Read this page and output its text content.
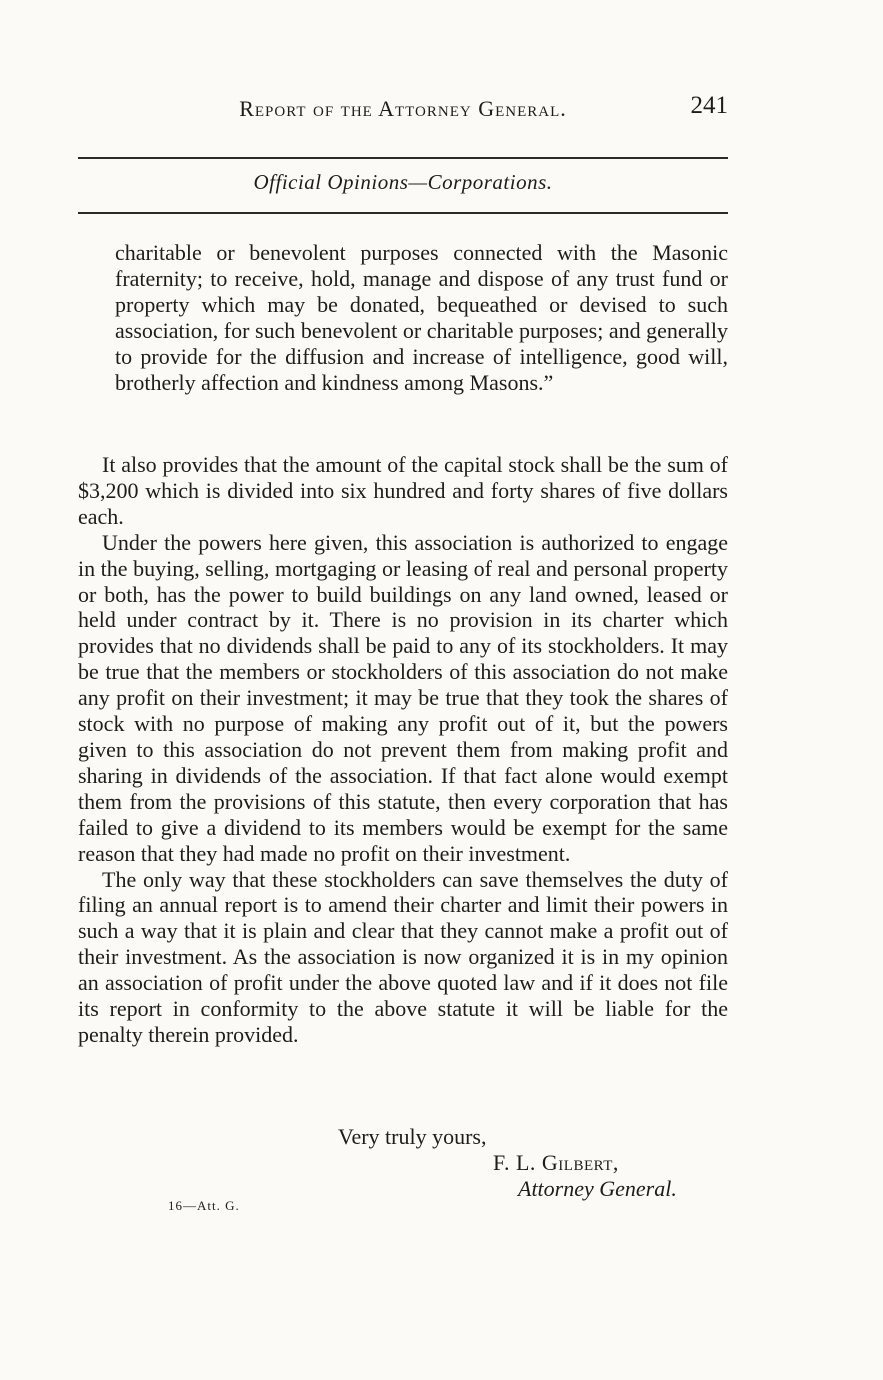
Report of the Attorney General.	241
Official Opinions—Corporations.
charitable or benevolent purposes connected with the Masonic fraternity; to receive, hold, manage and dispose of any trust fund or property which may be donated, bequeathed or devised to such association, for such benevolent or charitable purposes; and generally to provide for the diffusion and increase of intelligence, good will, brotherly affection and kindness among Masons.”

It also provides that the amount of the capital stock shall be the sum of $3,200 which is divided into six hundred and forty shares of five dollars each.

Under the powers here given, this association is authorized to engage in the buying, selling, mortgaging or leasing of real and personal property or both, has the power to build buildings on any land owned, leased or held under contract by it. There is no provision in its charter which provides that no dividends shall be paid to any of its stockholders. It may be true that the members or stockholders of this association do not make any profit on their investment; it may be true that they took the shares of stock with no purpose of making any profit out of it, but the powers given to this association do not prevent them from making profit and sharing in dividends of the association. If that fact alone would exempt them from the provisions of this statute, then every corporation that has failed to give a dividend to its members would be exempt for the same reason that they had made no profit on their investment.

The only way that these stockholders can save themselves the duty of filing an annual report is to amend their charter and limit their powers in such a way that it is plain and clear that they cannot make a profit out of their investment. As the association is now organized it is in my opinion an association of profit under the above quoted law and if it does not file its report in conformity to the above statute it will be liable for the penalty therein provided.

Very truly yours,
F. L. Gilbert,
Attorney General.
16—Att. G.
